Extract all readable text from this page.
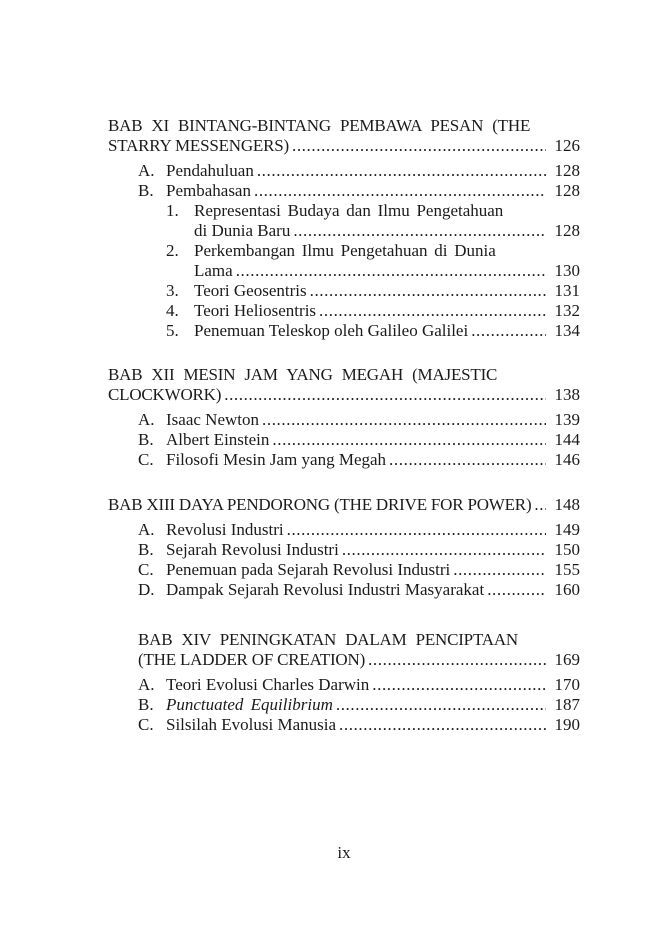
BAB XI BINTANG-BINTANG PEMBAWA PESAN (THE
STARRY MESSENGERS) .....	126
A. Pendahuluan .....	128
B. Pembahasan .....	128
1. Representasi Budaya dan Ilmu Pengetahuan
di Dunia Baru .....	128
2. Perkembangan Ilmu Pengetahuan di Dunia
Lama .....	130
3. Teori Geosentris .....	131
4. Teori Heliosentris .....	132
5. Penemuan Teleskop oleh Galileo Galilei .....	134
BAB XII MESIN JAM YANG MEGAH (MAJESTIC
CLOCKWORK) .....	138
A. Isaac Newton .....	139
B. Albert Einstein .....	144
C. Filosofi Mesin Jam yang Megah .....	146
BAB XIII DAYA PENDORONG (THE DRIVE FOR POWER) .....	148
A. Revolusi Industri .....	149
B. Sejarah Revolusi Industri .....	150
C. Penemuan pada Sejarah Revolusi Industri .....	155
D. Dampak Sejarah Revolusi Industri Masyarakat .....	160
BAB XIV PENINGKATAN DALAM PENCIPTAAN
(THE LADDER OF CREATION) .....	169
A. Teori Evolusi Charles Darwin .....	170
B. Punctuated Equilibrium .....	187
C. Silsilah Evolusi Manusia .....	190
ix
